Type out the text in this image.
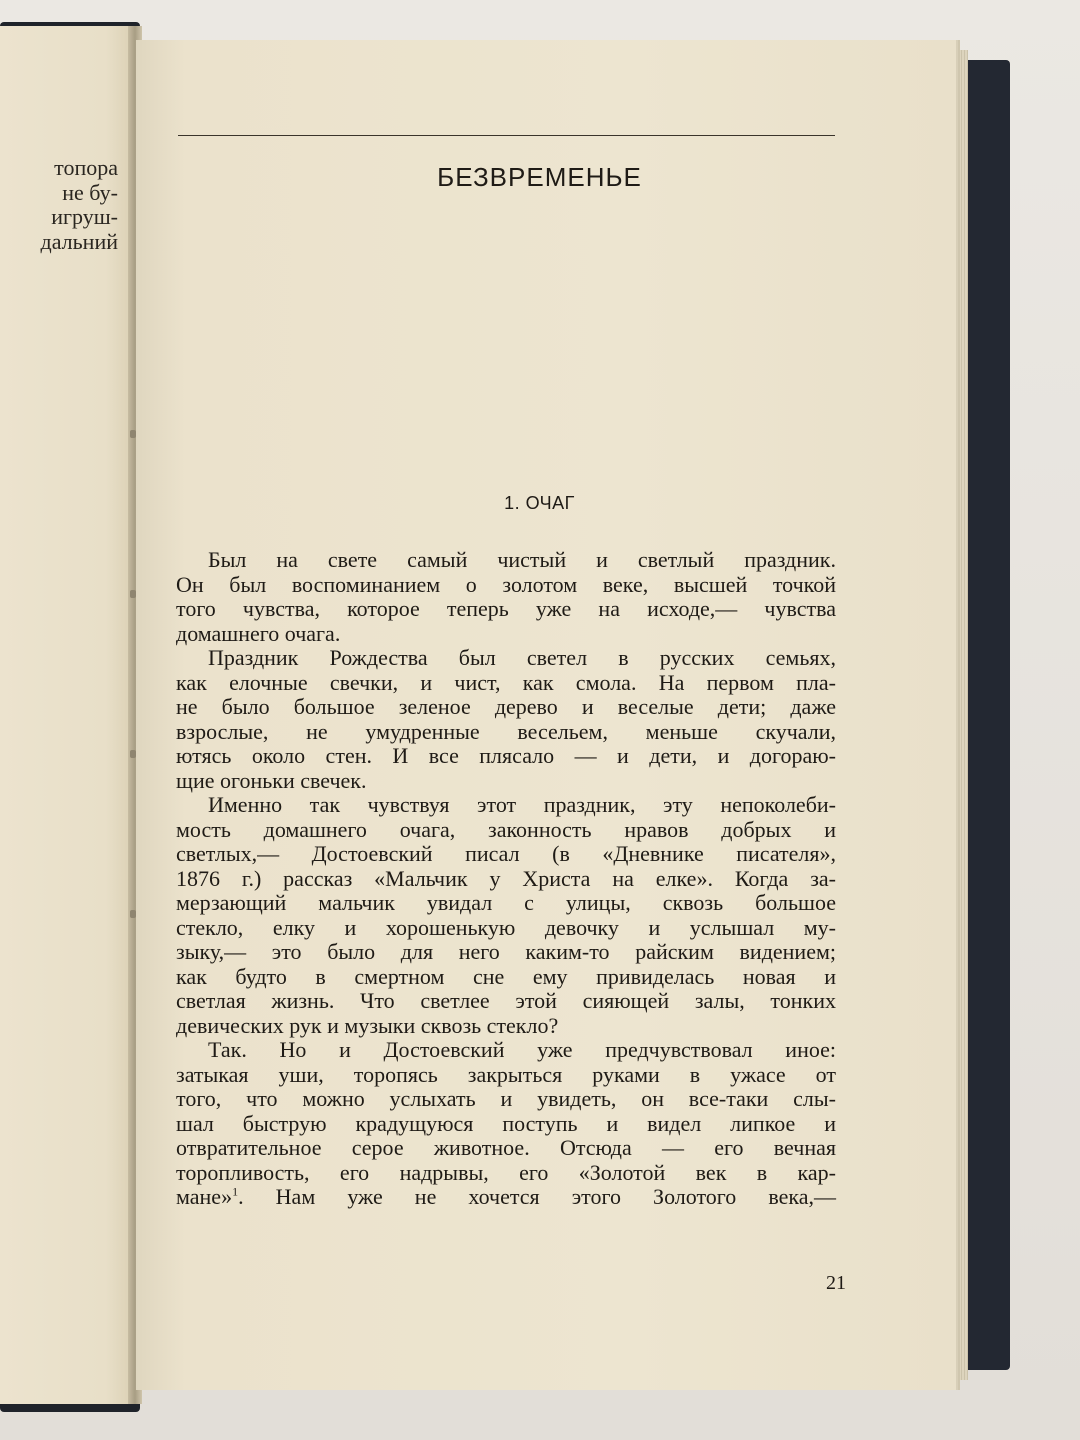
топора
не бу-
игруш-
дальний
БЕЗВРЕМЕНЬЕ
1. ОЧАГ
Был на свете самый чистый и светлый праздник.
Он был воспоминанием о золотом веке, высшей точкой
того чувства, которое теперь уже на исходе,— чувства
домашнего очага.
Праздник Рождества был светел в русских семьях,
как елочные свечки, и чист, как смола. На первом пла-
не было большое зеленое дерево и веселые дети; даже
взрослые, не умудренные весельем, меньше скучали,
ютясь около стен. И все плясало — и дети, и догораю-
щие огоньки свечек.
Именно так чувствуя этот праздник, эту непоколеби-
мость домашнего очага, законность нравов добрых и
светлых,— Достоевский писал (в «Дневнике писателя»,
1876 г.) рассказ «Мальчик у Христа на елке». Когда за-
мерзающий мальчик увидал с улицы, сквозь большое
стекло, елку и хорошенькую девочку и услышал му-
зыку,— это было для него каким-то райским видением;
как будто в смертном сне ему привиделась новая и
светлая жизнь. Что светлее этой сияющей залы, тонких
девических рук и музыки сквозь стекло?
Так. Но и Достоевский уже предчувствовал иное:
затыкая уши, торопясь закрыться руками в ужасе от
того, что можно услыхать и увидеть, он все-таки слы-
шал быструю крадущуюся поступь и видел липкое и
отвратительное серое животное. Отсюда — его вечная
торопливость, его надрывы, его «Золотой век в кар-
мане»$^1$. Нам уже не хочется этого Золотого века,—
21
